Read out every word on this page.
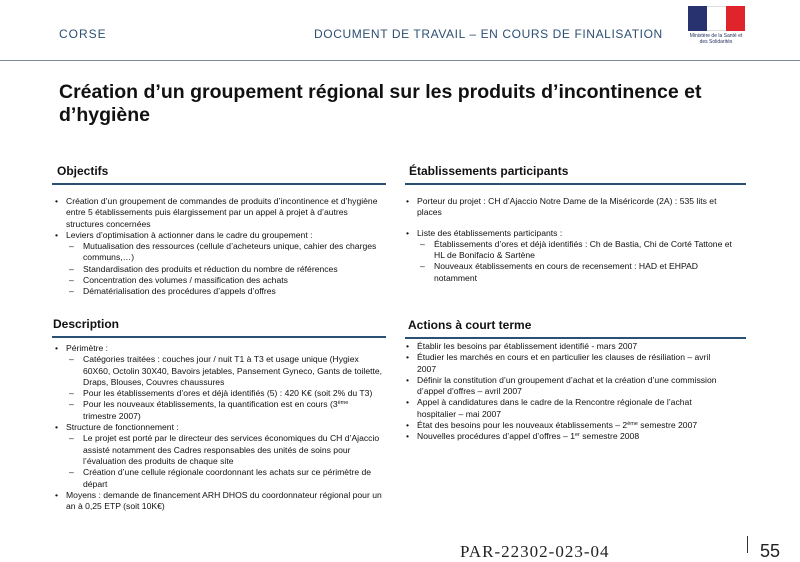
CORSE	DOCUMENT DE TRAVAIL – EN COURS DE FINALISATION	Ministère de la Santé et des Solidarités
Création d’un groupement régional sur les produits d’incontinence et d’hygiène
Objectifs
• Création d’un groupement de commandes de produits d’incontinence et d’hygiène entre 5 établissements puis élargissement par un appel à projet à d’autres structures concernées
• Leviers d’optimisation à actionner dans le cadre du groupement :
– Mutualisation des ressources (cellule d’acheteurs unique, cahier des charges communs,…)
– Standardisation des produits et réduction du nombre de références
– Concentration des volumes / massification des achats
– Dématérialisation des procédures d’appels d’offres
Établissements participants
• Porteur du projet : CH d’Ajaccio Notre Dame de la Miséricorde (2A) : 535 lits et places
• Liste des établissements participants :
– Établissements d’ores et déjà identifiés : Ch de Bastia, Chi de Corté Tattone et HL de Bonifacio & Sartène
– Nouveaux établissements en cours de recensement : HAD et EHPAD notamment
Description
• Périmètre :
– Catégories traitées : couches jour / nuit T1 à T3 et usage unique (Hygiex 60X60, Octolin 30X40, Bavoirs jetables, Pansement Gyneco, Gants de toilette, Draps, Blouses, Couvres chaussures
– Pour les établissements d’ores et déjà identifiés (5) : 420 K€ (soit 2% du T3)
– Pour les nouveaux établissements, la quantification est en cours (3ème trimestre 2007)
• Structure de fonctionnement :
– Le projet est porté par le directeur des services économiques du CH d’Ajaccio assisté notamment des Cadres responsables des unités de soins pour l’évaluation des produits de chaque site
– Création d’une cellule régionale coordonnant les achats sur ce périmètre de départ
• Moyens : demande de financement ARH DHOS du coordonnateur régional pour un an à 0,25 ETP (soit 10K€)
Actions à court terme
• Établir les besoins par établissement identifié - mars 2007
• Étudier les marchés en cours et en particulier les clauses de résiliation – avril 2007
• Définir la constitution d’un groupement d’achat et la création d’une commission d’appel d’offres – avril 2007
• Appel à candidatures dans le cadre de la Rencontre régionale de l’achat hospitalier – mai 2007
• État des besoins pour les nouveaux établissements – 2ème semestre 2007
• Nouvelles procédures d’appel d’offres – 1er semestre 2008
PAR-22302-023-04	55
